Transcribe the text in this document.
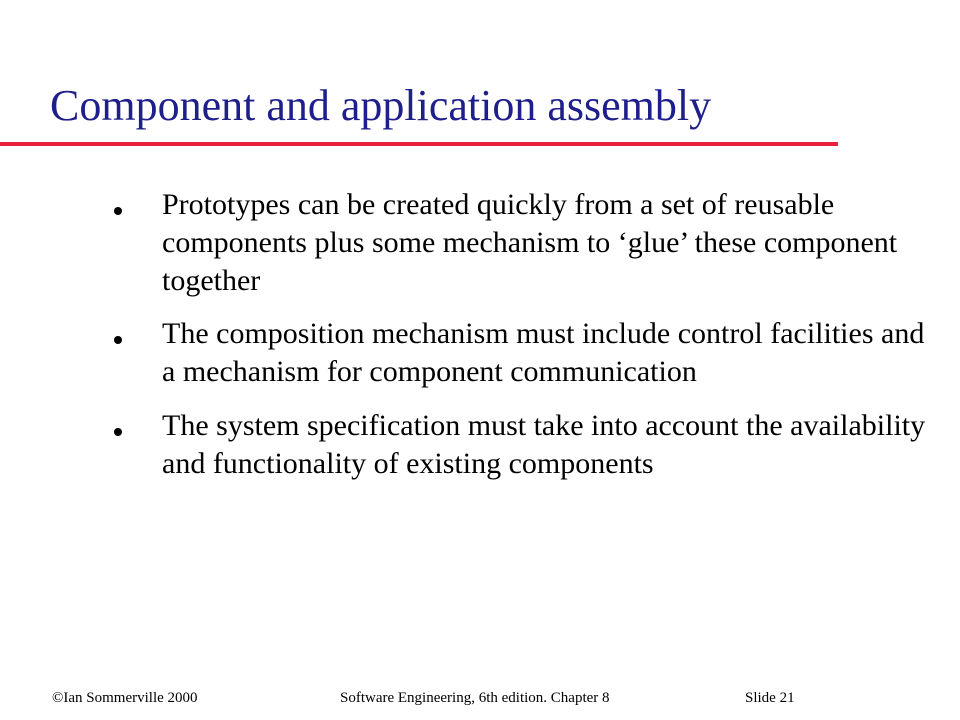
Component and application assembly
Prototypes can be created quickly from a set of reusable components plus some mechanism to ‘glue’ these component together
The composition mechanism must include control facilities and a mechanism for component communication
The system specification must take into account the availability and functionality of existing components
©Ian Sommerville 2000	Software Engineering, 6th edition. Chapter 8	Slide 21
